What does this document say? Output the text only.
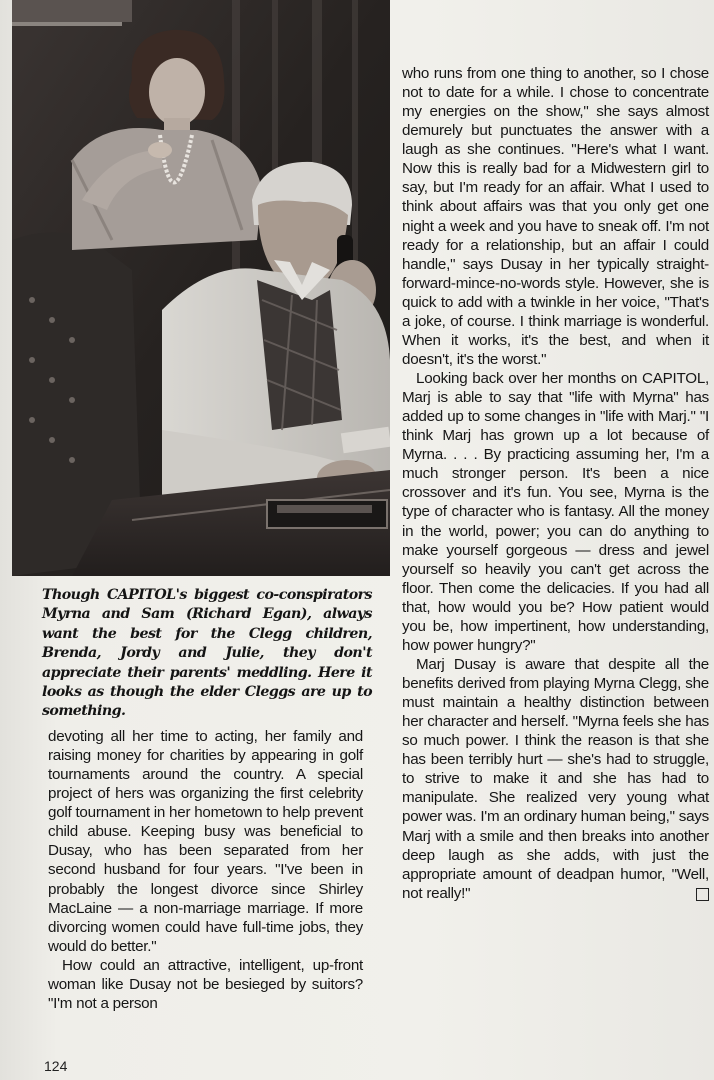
Though CAPITOL's biggest co-conspirators Myrna and Sam (Richard Egan), always want the best for the Clegg children, Brenda, Jordy and Julie, they don't appreciate their parents' meddling. Here it looks as though the elder Cleggs are up to something.

devoting all her time to acting, her family and raising money for charities by appearing in golf tournaments around the country. A special project of hers was organizing the first celebrity golf tournament in her hometown to help prevent child abuse. Keeping busy was beneficial to Dusay, who has been separated from her second husband for four years. "I've been in probably the longest divorce since Shirley MacLaine — a non-marriage marriage. If more divorcing women could have full-time jobs, they would do better."

How could an attractive, intelligent, up-front woman like Dusay not be besieged by suitors? "I'm not a person

who runs from one thing to another, so I chose not to date for a while. I chose to concentrate my energies on the show," she says almost demurely but punctuates the answer with a laugh as she continues. "Here's what I want. Now this is really bad for a Midwestern girl to say, but I'm ready for an affair. What I used to think about affairs was that you only get one night a week and you have to sneak off. I'm not ready for a relationship, but an affair I could handle," says Dusay in her typically straight-forward-mince-no-words style. However, she is quick to add with a twinkle in her voice, "That's a joke, of course. I think marriage is wonderful. When it works, it's the best, and when it doesn't, it's the worst."

Looking back over her months on CAPITOL, Marj is able to say that "life with Myrna" has added up to some changes in "life with Marj." "I think Marj has grown up a lot because of Myrna. . . . By practicing assuming her, I'm a much stronger person. It's been a nice crossover and it's fun. You see, Myrna is the type of character who is fantasy. All the money in the world, power; you can do anything to make yourself gorgeous — dress and jewel yourself so heavily you can't get across the floor. Then come the delicacies. If you had all that, how would you be? How patient would you be, how impertinent, how understanding, how power hungry?"

Marj Dusay is aware that despite all the benefits derived from playing Myrna Clegg, she must maintain a healthy distinction between her character and herself. "Myrna feels she has so much power. I think the reason is that she has been terribly hurt — she's had to struggle, to strive to make it and she has had to manipulate. She realized very young what power was. I'm an ordinary human being," says Marj with a smile and then breaks into another deep laugh as she adds, with just the appropriate amount of deadpan humor, "Well, not really!"

124
